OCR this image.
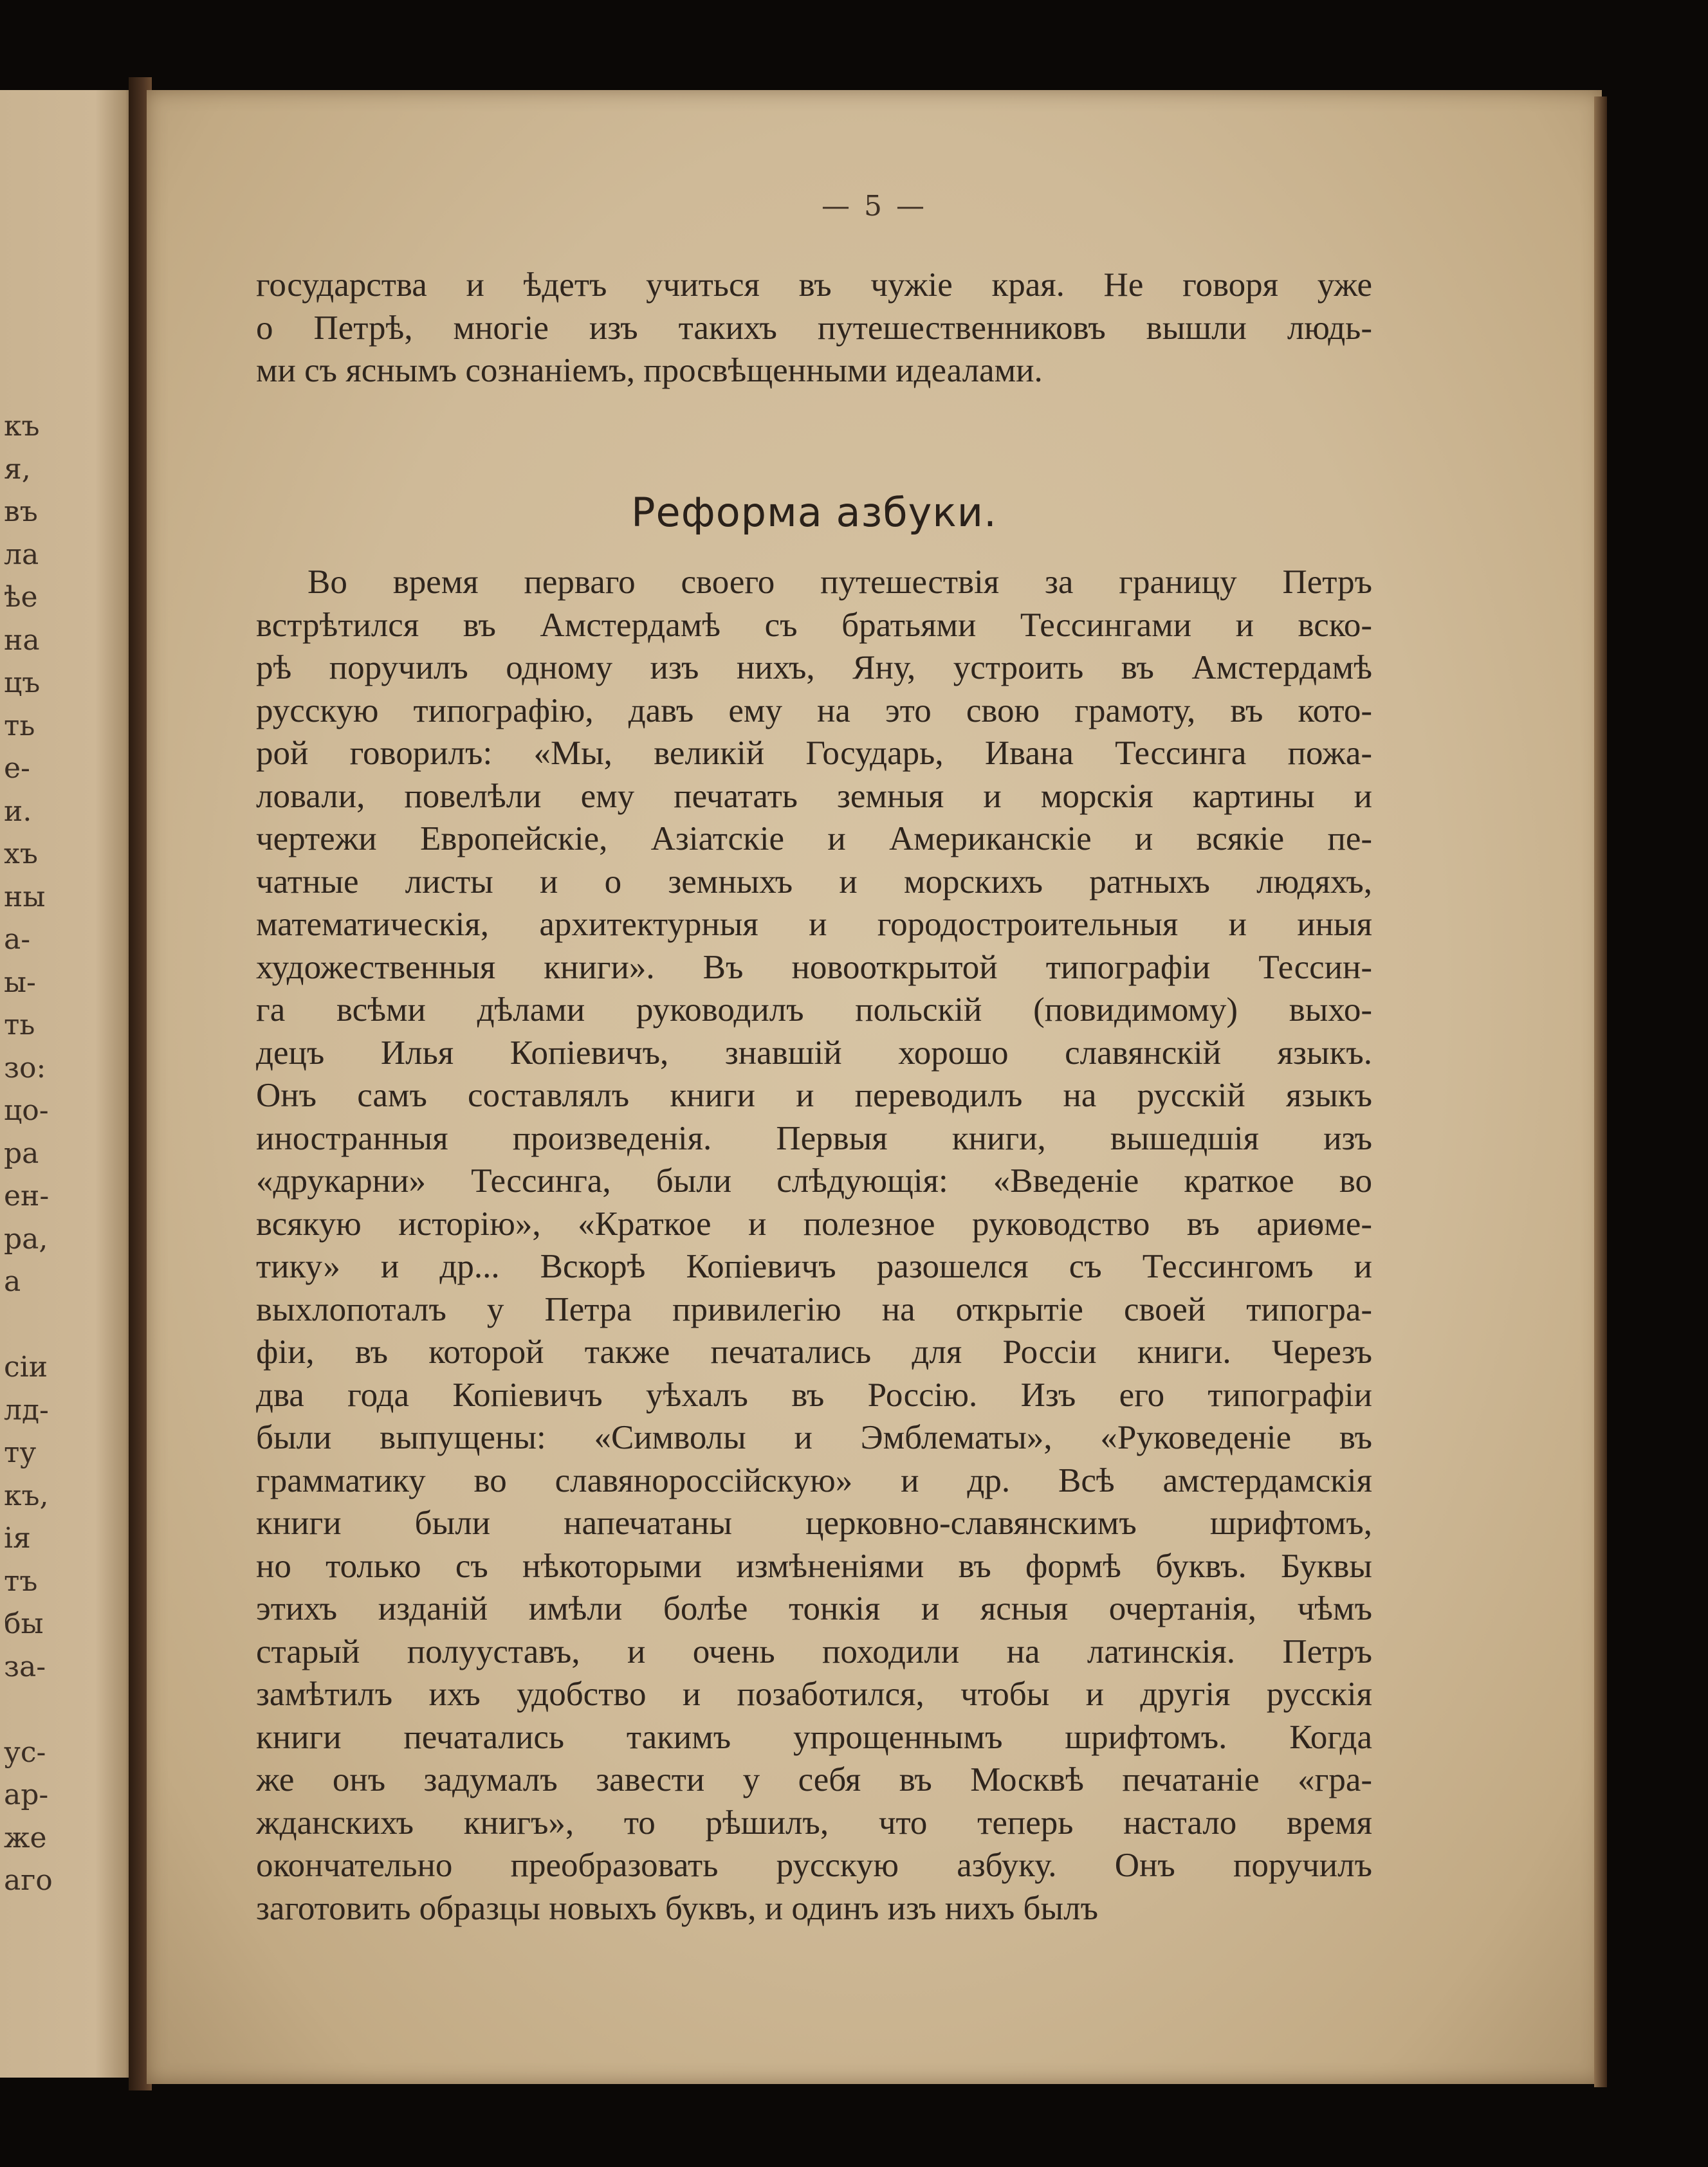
къ
я,
въ
ла
ѣе
на
цъ
ть
е-
и.
хъ
ны
а-
ы-
ть
зо:
цо-
ра
ен-
ра,
а
сіи
лд-
ту
къ,
ія
тъ
бы
за-
ус-
ар-
же
аго
— 5 —
государства и ѣдетъ учиться въ чужіе края. Не говоря уже
о Петрѣ, многіе изъ такихъ путешественниковъ вышли людь-
ми съ яснымъ сознаніемъ, просвѣщенными идеалами.
Реформа азбуки.
Во время перваго своего путешествія за границу Петръ
встрѣтился въ Амстердамѣ съ братьями Тессингами и вско-
рѣ поручилъ одному изъ нихъ, Яну, устроить въ Амстердамѣ
русскую типографію, давъ ему на это свою грамоту, въ кото-
рой говорилъ: «Мы, великій Государь, Ивана Тессинга пожа-
ловали, повелѣли ему печатать земныя и морскія картины и
чертежи Европейскіе, Азіатскіе и Американскіе и всякіе пе-
чатные листы и о земныхъ и морскихъ ратныхъ людяхъ,
математическія, архитектурныя и городостроительныя и иныя
художественныя книги». Въ новооткрытой типографіи Тессин-
га всѣми дѣлами руководилъ польскій (повидимому) выхо-
децъ Илья Копіевичъ, знавшій хорошо славянскій языкъ.
Онъ самъ составлялъ книги и переводилъ на русскій языкъ
иностранныя произведенія. Первыя книги, вышедшія изъ
«друкарни» Тессинга, были слѣдующія: «Введеніе краткое во
всякую исторію», «Краткое и полезное руководство въ ариѳме-
тику» и др... Вскорѣ Копіевичъ разошелся съ Тессингомъ и
выхлопоталъ у Петра привилегію на открытіе своей типогра-
фіи, въ которой также печатались для Россіи книги. Черезъ
два года Копіевичъ уѣхалъ въ Россію. Изъ его типографіи
были выпущены: «Символы и Эмблематы», «Руковеденіе въ
грамматику во славянороссійскую» и др. Всѣ амстердамскія
книги были напечатаны церковно-славянскимъ шрифтомъ,
но только съ нѣкоторыми измѣненіями въ формѣ буквъ. Буквы
этихъ изданій имѣли болѣе тонкія и ясныя очертанія, чѣмъ
старый полууставъ, и очень походили на латинскія. Петръ
замѣтилъ ихъ удобство и позаботился, чтобы и другія русскія
книги печатались такимъ упрощеннымъ шрифтомъ. Когда
же онъ задумалъ завести у себя въ Москвѣ печатаніе «гра-
жданскихъ книгъ», то рѣшилъ, что теперь настало время
окончательно преобразовать русскую азбуку. Онъ поручилъ
заготовить образцы новыхъ буквъ, и одинъ изъ нихъ былъ
